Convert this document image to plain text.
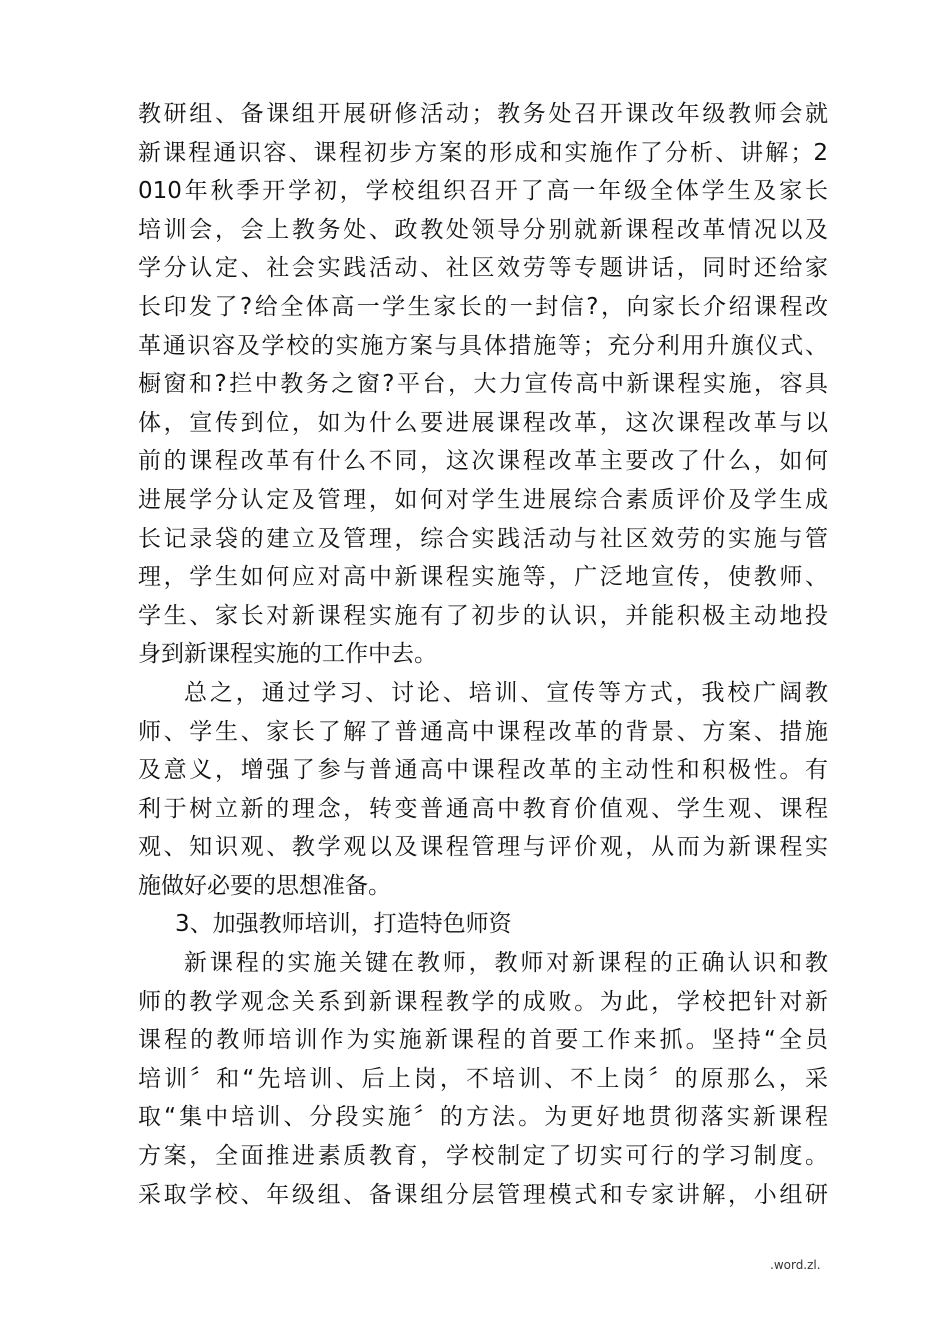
教研组、备课组开展研修活动；教务处召开课改年级教师会就
新课程通识容、课程初步方案的形成和实施作了分析、讲解；2
010年秋季开学初，学校组织召开了高一年级全体学生及家长
培训会，会上教务处、政教处领导分别就新课程改革情况以及
学分认定、社会实践活动、社区效劳等专题讲话，同时还给家
长印发了?给全体高一学生家长的一封信?，向家长介绍课程改
革通识容及学校的实施方案与具体措施等；充分利用升旗仪式、
橱窗和?拦中教务之窗?平台，大力宣传高中新课程实施，容具
体，宣传到位，如为什么要进展课程改革，这次课程改革与以
前的课程改革有什么不同，这次课程改革主要改了什么，如何
进展学分认定及管理，如何对学生进展综合素质评价及学生成
长记录袋的建立及管理，综合实践活动与社区效劳的实施与管
理，学生如何应对高中新课程实施等，广泛地宣传，使教师、
学生、家长对新课程实施有了初步的认识，并能积极主动地投
身到新课程实施的工作中去。

总之，通过学习、讨论、培训、宣传等方式，我校广阔教
师、学生、家长了解了普通高中课程改革的背景、方案、措施
及意义，增强了参与普通高中课程改革的主动性和积极性。有
利于树立新的理念，转变普通高中教育价值观、学生观、课程
观、知识观、教学观以及课程管理与评价观，从而为新课程实
施做好必要的思想准备。

3、加强教师培训，打造特色师资

新课程的实施关键在教师，教师对新课程的正确认识和教
师的教学观念关系到新课程教学的成败。为此，学校把针对新
课程的教师培训作为实施新课程的首要工作来抓。坚持“全员
培训〞和“先培训、后上岗，不培训、不上岗〞的原那么，采
取“集中培训、分段实施〞的方法。为更好地贯彻落实新课程
方案，全面推进素质教育，学校制定了切实可行的学习制度。
采取学校、年级组、备课组分层管理模式和专家讲解，小组研

.word.zl.
